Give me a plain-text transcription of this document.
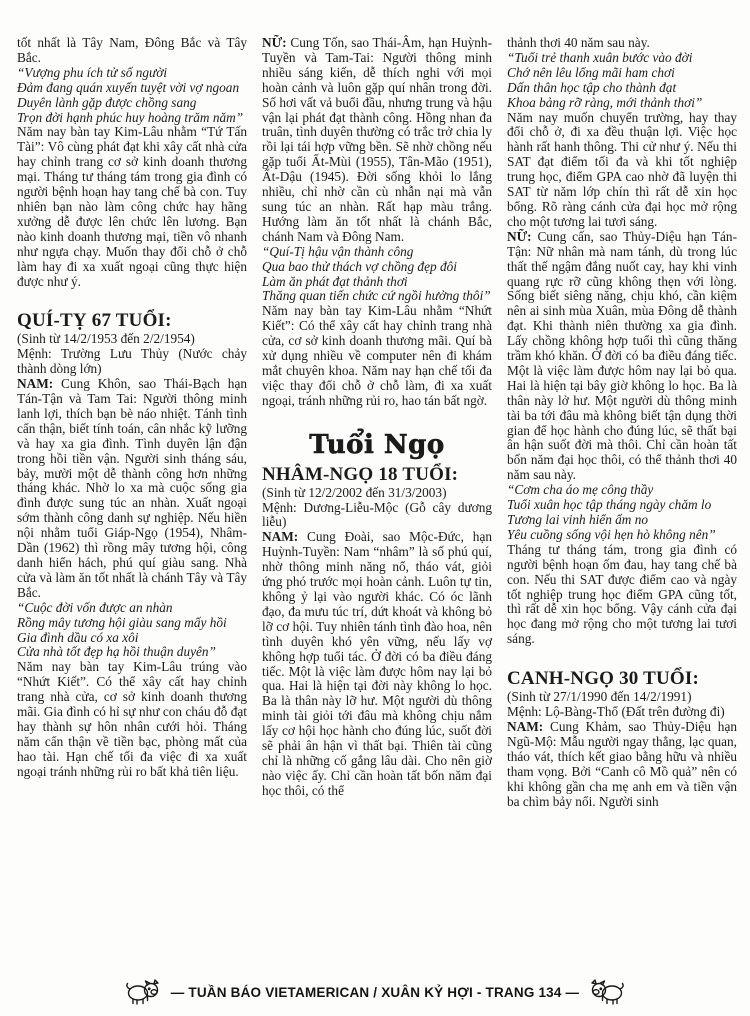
tốt nhất là Tây Nam, Đông Bắc và Tây Bắc.

“Vượng phu ích tử số người
Đảm đang quán xuyến tuyệt vời vợ ngoan
Duyên lành gặp được chồng sang
Trọn đời hạnh phúc huy hoàng trăm năm”

Năm nay bàn tay Kim-Lâu nhằm “Tứ Tấn Tài”: Vô cùng phát đạt khi xây cất nhà cửa hay chỉnh trang cơ sở kinh doanh thương mại. Tháng tư tháng tám trong gia đình có người bệnh hoạn hay tang chế bà con. Tuy nhiên bạn nào làm công chức hay hãng xưởng dễ được lên chức lên lương. Bạn nào kinh doanh thương mại, tiền vô nhanh như ngựa chạy. Muốn thay đổi chỗ ở chỗ làm hay đi xa xuất ngoại cũng thực hiện được như ý.

QUÍ-TỴ 67 TUỔI:
(Sinh từ 14/2/1953 đến 2/2/1954)
Mệnh: Trường Lưu Thủy (Nước chảy thành dòng lớn)

NAM: Cung Khôn, sao Thái-Bạch hạn Tán-Tận và Tam Tai: Người thông minh lanh lợi, thích bạn bè náo nhiệt. Tánh tình cẩn thận, biết tính toán, cân nhắc kỹ lưỡng và hay xa gia đình. Tình duyên lận đận trong hồi tiền vận. Người sinh tháng sáu, bảy, mười một dễ thành công hơn những tháng khác. Nhờ lo xa mà cuộc sống gia đình được sung túc an nhàn. Xuất ngoại sớm thành công danh sự nghiệp. Nếu hiền nội nhằm tuổi Giáp-Ngọ (1954), Nhâm-Dần (1962) thì rồng mây tương hội, công danh hiển hách, phú quí giàu sang. Nhà cửa và làm ăn tốt nhất là chánh Tây và Tây Bắc.

“Cuộc đời vốn được an nhàn
Rồng mây tương hội giàu sang mấy hồi
Gia đình dầu có xa xôi
Cửa nhà tốt đẹp hạ hồi thuận duyên”

Năm nay bàn tay Kim-Lâu trúng vào “Nhứt Kiết”. Có thể xây cất hay chỉnh trang nhà cửa, cơ sở kinh doanh thương mãi. Gia đình có hỉ sự như con cháu đỗ đạt hay thành sự hôn nhân cưới hỏi. Tháng năm cẩn thận về tiền bạc, phòng mất của hao tài. Hạn chế tối đa việc đi xa xuất ngoại tránh những rủi ro bất khả tiên liệu.

NỮ: Cung Tốn, sao Thái-Âm, hạn Huỳnh-Tuyền và Tam-Tai: Người thông minh nhiều sáng kiến, dễ thích nghi với mọi hoàn cảnh và luôn gặp quí nhân trong đời. Số hơi vất vả buổi đầu, nhưng trung và hậu vận lại phát đạt thành công. Hồng nhan đa truân, tình duyên thường có trắc trở chia ly rồi lại tái hợp vững bền. Sẽ nhờ chồng nếu gặp tuổi Ất-Mùi (1955), Tân-Mão (1951), Ất-Dậu (1945). Đời sống khỏi lo lắng nhiều, chỉ nhờ cần cù nhẫn nại mà vẫn sung túc an nhàn. Rất hạp màu trắng. Hướng làm ăn tốt nhất là chánh Bắc, chánh Nam và Đông Nam.

“Quí-Tị hậu vận thành công
Qua bao thử thách vợ chồng đẹp đôi
Làm ăn phát đạt thảnh thơi
Thăng quan tiến chức cứ ngồi hưởng thôi”

Năm nay bàn tay Kim-Lâu nhằm “Nhứt Kiết”: Có thể xây cất hay chỉnh trang nhà cửa, cơ sở kinh doanh thương mãi. Quí bà xử dụng nhiều về computer nên đi khám mắt chuyên khoa. Năm nay hạn chế tối đa việc thay đổi chỗ ở chỗ làm, đi xa xuất ngoại, tránh những rủi ro, hao tán bất ngờ.

Tuổi Ngọ
NHÂM-NGỌ 18 TUỔI:
(Sinh từ 12/2/2002 đến 31/3/2003)
Mệnh: Dương-Liễu-Mộc (Gỗ cây dương liễu)

NAM: Cung Đoài, sao Mộc-Đức, hạn Huỳnh-Tuyền: Nam “nhâm” là số phú quí, nhờ thông minh năng nổ, tháo vát, giỏi ứng phó trước mọi hoàn cảnh. Luôn tự tin, không ỷ lại vào người khác. Có óc lãnh đạo, đa mưu túc trí, dứt khoát và không bỏ lỡ cơ hội. Tuy nhiên tánh tình đào hoa, nên tình duyên khó yên vững, nếu lấy vợ không hợp tuổi tác. Ở đời có ba điều đáng tiếc. Một là việc làm được hôm nay lại bỏ qua. Hai là hiện tại đời này không lo học. Ba là thân này lỡ hư. Một người dù thông minh tài giỏi tới đâu mà không chịu nắm lấy cơ hội học hành cho đúng lúc, suốt đời sẽ phải ân hận vì thất bại. Thiên tài cũng chỉ là những cố gắng lâu dài. Cho nên giờ nào việc ấy. Chỉ cần hoàn tất bốn năm đại học thôi, có thể

thảnh thơi 40 năm sau này.

“Tuổi trẻ thanh xuân bước vào đời
Chớ nên lêu lổng mãi ham chơi
Dấn thân học tập cho thành đạt
Khoa bảng rỡ ràng, mới thảnh thơi”

Năm nay muốn chuyển trường, hay thay đổi chỗ ở, đi xa đều thuận lợi. Việc học hành rất hanh thông. Thi cử như ý. Nếu thi SAT đạt điểm tối đa và khi tốt nghiệp trung học, điểm GPA cao nhờ đã luyện thi SAT từ năm lớp chín thì rất dễ xin học bổng. Rõ ràng cánh cửa đại học mở rộng cho một tương lai tươi sáng.

NỮ: Cung cấn, sao Thủy-Diệu hạn Tán-Tận: Nữ nhân mà nam tánh, dù trong lúc thất thế ngậm đắng nuốt cay, hay khi vinh quang rực rỡ cũng không thẹn với lòng. Sống biết siêng năng, chịu khó, cần kiệm nên ai sinh mùa Xuân, mùa Đông dễ thành đạt. Khi thành niên thường xa gia đình. Lấy chồng không hợp tuổi thì cũng thăng trầm khó khăn. Ở đời có ba điều đáng tiếc. Một là việc làm được hôm nay lại bỏ qua. Hai là hiện tại bây giờ không lo học. Ba là thân này lở hư. Một người dù thông minh tài ba tới đâu mà không biết tận dụng thời gian để học hành cho đúng lúc, sẽ thất bại ân hận suốt đời mà thôi. Chỉ cần hoàn tất bốn năm đại học thôi, có thể thảnh thơi 40 năm sau này.

“Cơm cha áo mẹ công thầy
Tuổi xuân học tập tháng ngày chăm lo
Tương lai vinh hiển ấm no
Yêu cuồng sống vội hẹn hò không nên”

Tháng tư tháng tám, trong gia đình có người bệnh hoạn ốm đau, hay tang chế bà con. Nếu thi SAT được điểm cao và ngày tốt nghiệp trung học điểm GPA cũng tốt, thì rất dễ xin học bổng. Vậy cánh cửa đại học đang mở rộng cho một tương lai tươi sáng.

CANH-NGỌ 30 TUỔI:
(Sinh từ 27/1/1990 đến 14/2/1991)
Mệnh: Lộ-Bàng-Thổ (Đất trên đường đi)

NAM: Cung Khảm, sao Thủy-Diệu hạn Ngũ-Mộ: Mẫu người ngay thẳng, lạc quan, tháo vát, thích kết giao bằng hữu và nhiều tham vọng. Bởi “Canh cô Mồ quả” nên có khi không gần cha mẹ anh em và tiền vận ba chìm bảy nổi. Người sinh

— TUẦN BÁO VIETAMERICAN / XUÂN KỶ HỢI - TRANG 134 —
